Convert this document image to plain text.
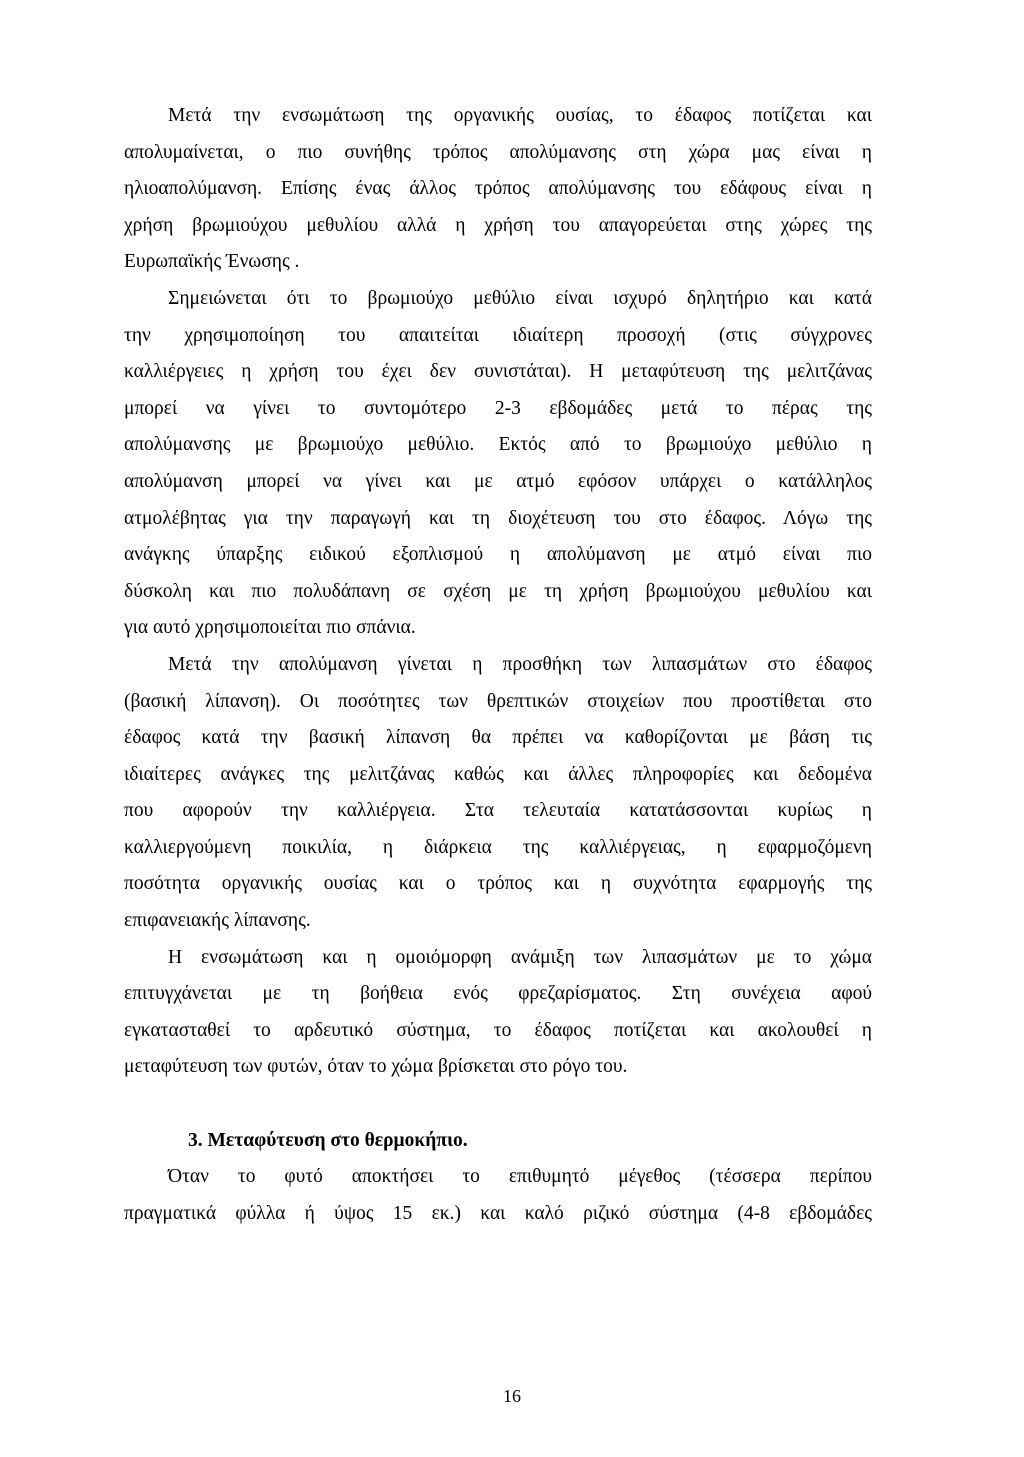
Μετά την ενσωμάτωση της οργανικής ουσίας, το έδαφος ποτίζεται και

απολυμαίνεται, ο πιο συνήθης τρόπος απολύμανσης στη χώρα μας είναι η

ηλιοαπολύμανση. Επίσης ένας άλλος τρόπος απολύμανσης του εδάφους είναι η

χρήση βρωμιούχου μεθυλίου αλλά η χρήση του απαγορεύεται στης χώρες της

Ευρωπαϊκής Ένωσης .

Σημειώνεται ότι το βρωμιούχο μεθύλιο είναι ισχυρό δηλητήριο και κατά

την χρησιμοποίηση του απαιτείται ιδιαίτερη προσοχή (στις σύγχρονες

καλλιέργειες η χρήση του έχει δεν συνιστάται). Η μεταφύτευση της μελιτζάνας

μπορεί να γίνει το συντομότερο 2-3 εβδομάδες μετά το πέρας της

απολύμανσης με βρωμιούχο μεθύλιο. Εκτός από το βρωμιούχο μεθύλιο η

απολύμανση μπορεί να γίνει και με ατμό εφόσον υπάρχει ο κατάλληλος

ατμολέβητας για την παραγωγή και τη διοχέτευση του στο έδαφος. Λόγω της

ανάγκης ύπαρξης ειδικού εξοπλισμού η απολύμανση με ατμό είναι πιο

δύσκολη και πιο πολυδάπανη σε σχέση με τη χρήση βρωμιούχου μεθυλίου και

για αυτό χρησιμοποιείται πιο σπάνια.

Μετά την απολύμανση γίνεται η προσθήκη των λιπασμάτων στο έδαφος

(βασική λίπανση). Οι ποσότητες των θρεπτικών στοιχείων που προστίθεται στο

έδαφος κατά την βασική λίπανση θα πρέπει να καθορίζονται με βάση τις

ιδιαίτερες ανάγκες της μελιτζάνας καθώς και άλλες πληροφορίες και δεδομένα

που αφορούν την καλλιέργεια. Στα τελευταία κατατάσσονται κυρίως η

καλλιεργούμενη ποικιλία, η διάρκεια της καλλιέργειας, η εφαρμοζόμενη

ποσότητα οργανικής ουσίας και ο τρόπος και η συχνότητα εφαρμογής της

επιφανειακής λίπανσης.

Η ενσωμάτωση και η ομοιόμορφη ανάμιξη των λιπασμάτων με το χώμα

επιτυγχάνεται με τη βοήθεια ενός φρεζαρίσματος. Στη συνέχεια αφού

εγκατασταθεί το αρδευτικό σύστημα, το έδαφος ποτίζεται και ακολουθεί η

μεταφύτευση των φυτών, όταν το χώμα βρίσκεται στο ρόγο του.

3. Μεταφύτευση στο θερμοκήπιο.

Όταν το φυτό αποκτήσει το επιθυμητό μέγεθος (τέσσερα περίπου

πραγματικά φύλλα ή ύψος 15 εκ.) και καλό ριζικό σύστημα (4-8 εβδομάδες

16
